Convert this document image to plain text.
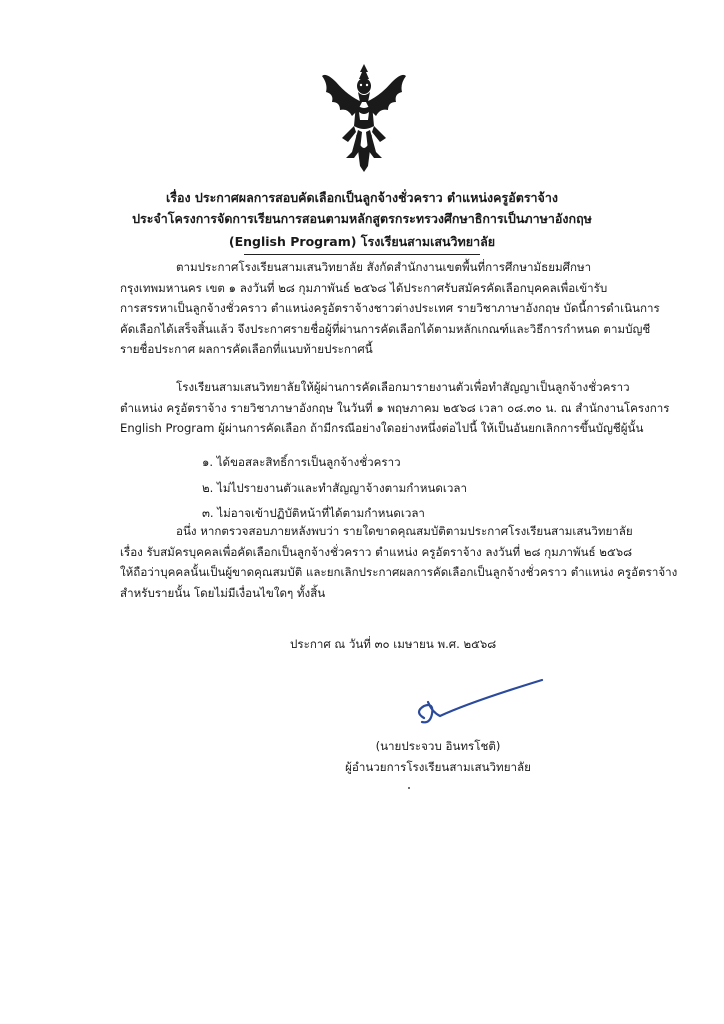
เรื่อง ประกาศผลการสอบคัดเลือกเป็นลูกจ้างชั่วคราว ตำแหน่งครูอัตราจ้าง
ประจำโครงการจัดการเรียนการสอนตามหลักสูตรกระทรวงศึกษาธิการเป็นภาษาอังกฤษ
(English Program) โรงเรียนสามเสนวิทยาลัย
ตามประกาศโรงเรียนสามเสนวิทยาลัย สังกัดสำนักงานเขตพื้นที่การศึกษามัธยมศึกษา
กรุงเทพมหานคร เขต ๑ ลงวันที่ ๒๘ กุมภาพันธ์ ๒๕๖๘ ได้ประกาศรับสมัครคัดเลือกบุคคลเพื่อเข้ารับ
การสรรหาเป็นลูกจ้างชั่วคราว ตำแหน่งครูอัตราจ้างชาวต่างประเทศ รายวิชาภาษาอังกฤษ บัดนี้การดำเนินการ
คัดเลือกได้เสร็จสิ้นแล้ว จึงประกาศรายชื่อผู้ที่ผ่านการคัดเลือกได้ตามหลักเกณฑ์และวิธีการกำหนด ตามบัญชี
รายชื่อประกาศ ผลการคัดเลือกที่แนบท้ายประกาศนี้
โรงเรียนสามเสนวิทยาลัยให้ผู้ผ่านการคัดเลือกมารายงานตัวเพื่อทำสัญญาเป็นลูกจ้างชั่วคราว
ตำแหน่ง ครูอัตราจ้าง รายวิชาภาษาอังกฤษ ในวันที่ ๑ พฤษภาคม ๒๕๖๘ เวลา ๐๘.๓๐ น. ณ สำนักงานโครงการ
English Program ผู้ผ่านการคัดเลือก ถ้ามีกรณีอย่างใดอย่างหนึ่งต่อไปนี้ ให้เป็นอันยกเลิกการขึ้นบัญชีผู้นั้น
๑. ได้ขอสละสิทธิ์การเป็นลูกจ้างชั่วคราว
๒. ไม่ไปรายงานตัวและทำสัญญาจ้างตามกำหนดเวลา
๓. ไม่อาจเข้าปฏิบัติหน้าที่ได้ตามกำหนดเวลา
อนึ่ง หากตรวจสอบภายหลังพบว่า รายใดขาดคุณสมบัติตามประกาศโรงเรียนสามเสนวิทยาลัย
เรื่อง รับสมัครบุคคลเพื่อคัดเลือกเป็นลูกจ้างชั่วคราว ตำแหน่ง ครูอัตราจ้าง ลงวันที่ ๒๘ กุมภาพันธ์ ๒๕๖๘
ให้ถือว่าบุคคลนั้นเป็นผู้ขาดคุณสมบัติ และยกเลิกประกาศผลการคัดเลือกเป็นลูกจ้างชั่วคราว ตำแหน่ง ครูอัตราจ้าง
สำหรับรายนั้น โดยไม่มีเงื่อนไขใดๆ ทั้งสิ้น
ประกาศ ณ วันที่ ๓๐ เมษายน พ.ศ. ๒๕๖๘
(นายประจวบ อินทรโชติ)
ผู้อำนวยการโรงเรียนสามเสนวิทยาลัย
